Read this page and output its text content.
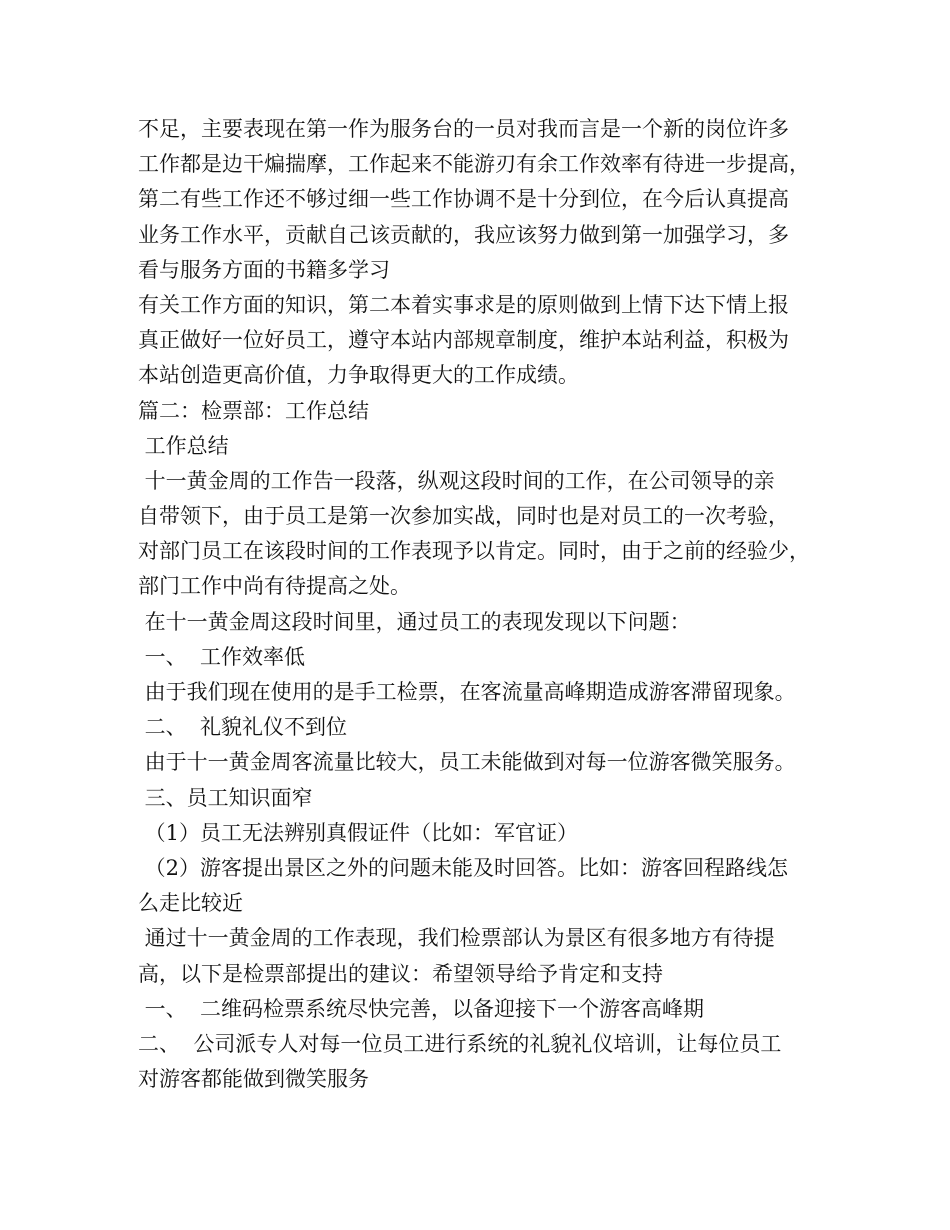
不足，主要表现在第一作为服务台的一员对我而言是一个新的岗位许多
工作都是边干煸揣摩，工作起来不能游刃有余工作效率有待进一步提高，
第二有些工作还不够过细一些工作协调不是十分到位，在今后认真提高
业务工作水平，贡献自己该贡献的，我应该努力做到第一加强学习，多
看与服务方面的书籍多学习
有关工作方面的知识，第二本着实事求是的原则做到上情下达下情上报
真正做好一位好员工，遵守本站内部规章制度，维护本站利益，积极为
本站创造更高价值，力争取得更大的工作成绩。
篇二：检票部：工作总结
工作总结
十一黄金周的工作告一段落，纵观这段时间的工作，在公司领导的亲
自带领下，由于员工是第一次参加实战，同时也是对员工的一次考验，
对部门员工在该段时间的工作表现予以肯定。同时，由于之前的经验少，
部门工作中尚有待提高之处。
在十一黄金周这段时间里，通过员工的表现发现以下问题：
一、  工作效率低
由于我们现在使用的是手工检票，在客流量高峰期造成游客滞留现象。
二、  礼貌礼仪不到位
由于十一黄金周客流量比较大，员工未能做到对每一位游客微笑服务。
三、员工知识面窄
（1）员工无法辨别真假证件（比如：军官证）
（2）游客提出景区之外的问题未能及时回答。比如：游客回程路线怎
么走比较近
通过十一黄金周的工作表现，我们检票部认为景区有很多地方有待提
高，以下是检票部提出的建议：希望领导给予肯定和支持
一、  二维码检票系统尽快完善，以备迎接下一个游客高峰期
二、  公司派专人对每一位员工进行系统的礼貌礼仪培训，让每位员工
对游客都能做到微笑服务
